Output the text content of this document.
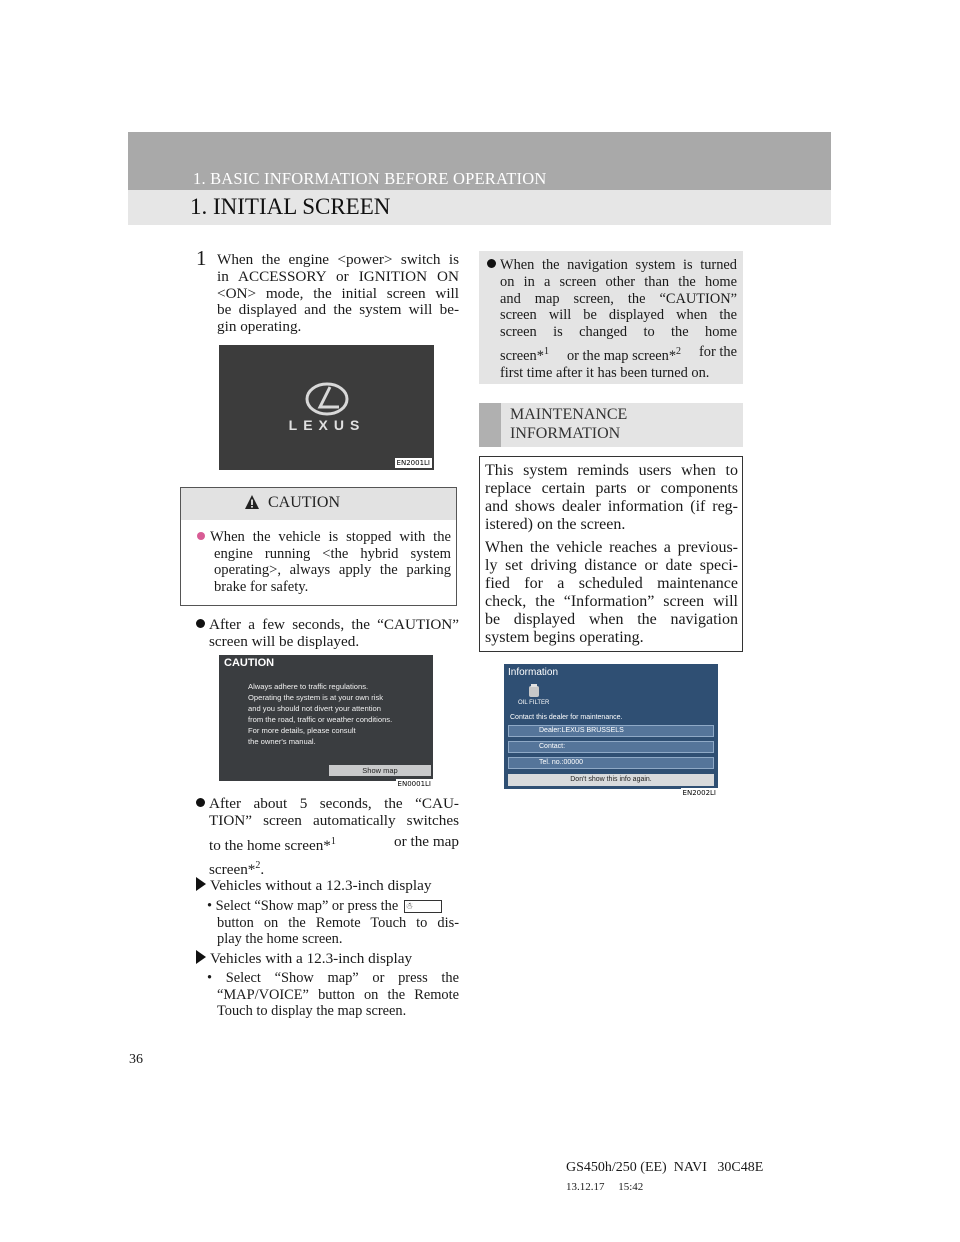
1. BASIC INFORMATION BEFORE OPERATION
1. INITIAL SCREEN
1 When the engine <power> switch is
in ACCESSORY or IGNITION ON
<ON> mode, the initial screen will
be displayed and the system will be-
gin operating.
LEXUS
EN2001LI
CAUTION
When the vehicle is stopped with the
engine running <the hybrid system
operating>, always apply the parking
brake for safety.
After a few seconds, the “CAUTION”
screen will be displayed.
CAUTION
Always adhere to traffic regulations.
Operating the system is at your own risk
and you should not divert your attention
from the road, traffic or weather conditions.
For more details, please consult
the owner's manual.
Show map
EN0001LI
After about 5 seconds, the “CAU-
TION” screen automatically switches
to the home screen*$^1$	or the map
screen*$^2$.
Vehicles without a 12.3-inch display
• Select “Show map” or press the ☃
button on the Remote Touch to dis-
play the home screen.
Vehicles with a 12.3-inch display
• Select “Show map” or press the
“MAP/VOICE” button on the Remote
Touch to display the map screen.
When the navigation system is turned
on in a screen other than the home
and map screen, the “CAUTION”
screen will be displayed when the
screen is changed to the home
screen*$^1$ or the map screen*$^2$ for the
first time after it has been turned on.
MAINTENANCE
INFORMATION
This system reminds users when to
replace certain parts or components
and shows dealer information (if reg-
istered) on the screen.
When the vehicle reaches a previous-
ly set driving distance or date speci-
fied for a scheduled maintenance
check, the “Information” screen will
be displayed when the navigation
system begins operating.
Information
OIL FILTER
Contact this dealer for maintenance.
Dealer:LEXUS BRUSSELS
Contact:
Tel. no.:00000
Don't show this info again.
EN2002LI
36
GS450h/250 (EE)  NAVI   30C48E
13.12.17     15:42
